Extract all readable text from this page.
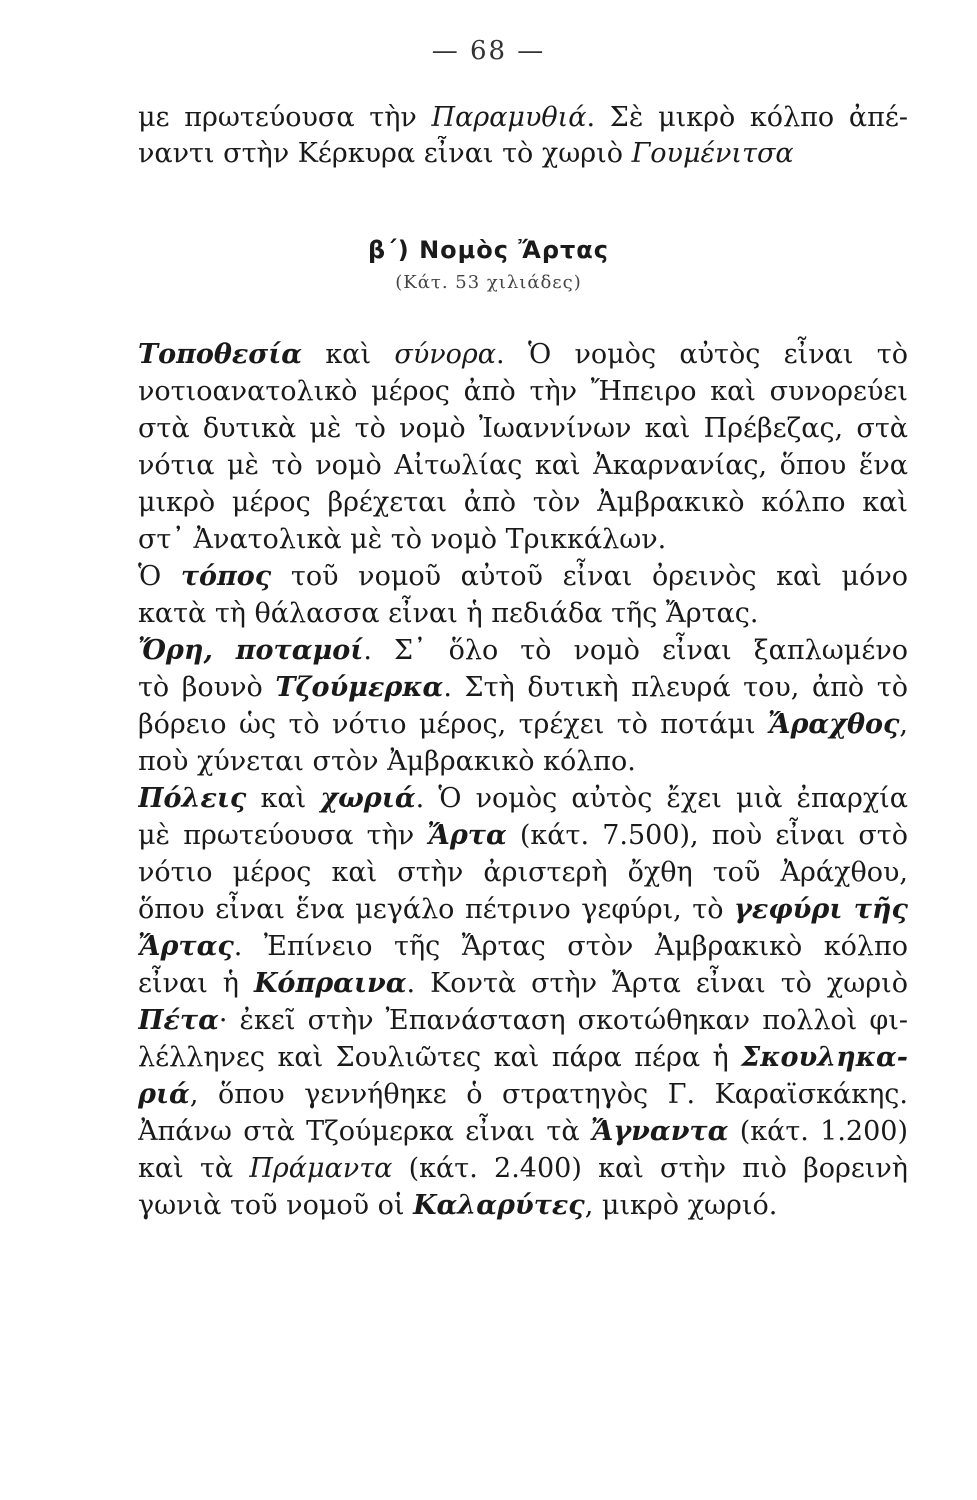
— 68 —
με πρωτεύουσα τὴν Παραμυθιά. Σὲ μικρὸ κόλπο ἀπέ-
ναντι στὴν Κέρκυρα εἶναι τὸ χωριὸ Γουμένιτσα
β΄) Νομὸς Ἄρτας
(Κάτ. 53 χιλιάδες)
Τοποθεσία καὶ σύνορα. Ὁ νομὸς αὐτὸς εἶναι τὸ
νοτιοανατολικὸ μέρος ἀπὸ τὴν Ἤπειρο καὶ συνορεύει
στὰ δυτικὰ μὲ τὸ νομὸ Ἰωαννίνων καὶ Πρέβεζας, στὰ
νότια μὲ τὸ νομὸ Αἰτωλίας καὶ Ἀκαρνανίας, ὅπου ἕνα
μικρὸ μέρος βρέχεται ἀπὸ τὸν Ἀμβρακικὸ κόλπο καὶ
στ᾿ Ἀνατολικὰ μὲ τὸ νομὸ Τρικκάλων.
Ὁ τόπος τοῦ νομοῦ αὐτοῦ εἶναι ὀρεινὸς καὶ μόνο
κατὰ τὴ θάλασσα εἶναι ἡ πεδιάδα τῆς Ἄρτας.
Ὄρη, ποταμοί. Σ᾿ ὅλο τὸ νομὸ εἶναι ξαπλωμένο
τὸ βουνὸ Τζούμερκα. Στὴ δυτικὴ πλευρά του, ἀπὸ τὸ
βόρειο ὡς τὸ νότιο μέρος, τρέχει τὸ ποτάμι Ἄραχθος,
ποὺ χύνεται στὸν Ἀμβρακικὸ κόλπο.
Πόλεις καὶ χωριά. Ὁ νομὸς αὐτὸς ἔχει μιὰ ἐπαρχία
μὲ πρωτεύουσα τὴν Ἄρτα (κάτ. 7.500), ποὺ εἶναι στὸ
νότιο μέρος καὶ στὴν ἀριστερὴ ὄχθη τοῦ Ἀράχθου,
ὅπου εἶναι ἕνα μεγάλο πέτρινο γεφύρι, τὸ γεφύρι τῆς
Ἄρτας. Ἐπίνειο τῆς Ἄρτας στὸν Ἀμβρακικὸ κόλπο
εἶναι ἡ Κόπραινα. Κοντὰ στὴν Ἄρτα εἶναι τὸ χωριὸ
Πέτα· ἐκεῖ στὴν Ἐπανάσταση σκοτώθηκαν πολλοὶ φι-
λέλληνες καὶ Σουλιῶτες καὶ πάρα πέρα ἡ Σκουληκα-
ριά, ὅπου γεννήθηκε ὁ στρατηγὸς Γ. Καραϊσκάκης.
Ἀπάνω στὰ Τζούμερκα εἶναι τὰ Ἄγναντα (κάτ. 1.200)
καὶ τὰ Πράμαντα (κάτ. 2.400) καὶ στὴν πιὸ βορεινὴ
γωνιὰ τοῦ νομοῦ οἱ Καλαρύτες, μικρὸ χωριό.
